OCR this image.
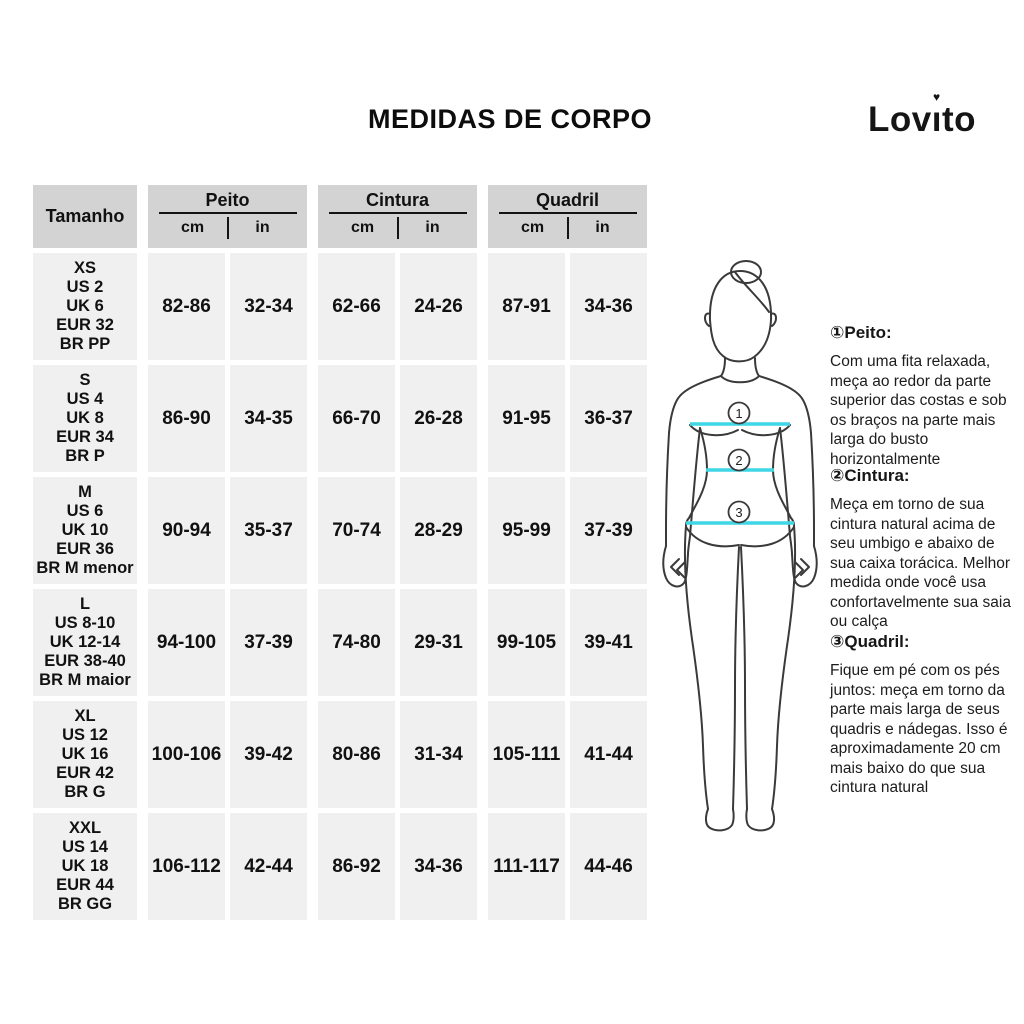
MEDIDAS DE CORPO	Lovı
♥
to
Tamanho
Peito
cm	in
Cintura
cm	in
Quadril
cm	in
XS
US 2
UK 6
EUR 32
BR PP
82-86	32-34	62-66	24-26	87-91	34-36
S
US 4
UK 8
EUR 34
BR P
86-90	34-35	66-70	26-28	91-95	36-37
M
US 6
UK 10
EUR 36
BR M menor
90-94	35-37	70-74	28-29	95-99	37-39
L
US 8-10
UK 12-14
EUR 38-40
BR M maior
94-100	37-39	74-80	29-31	99-105	39-41
XL
US 12
UK 16
EUR 42
BR G
100-106	39-42	80-86	31-34	105-111	41-44
XXL
US 14
UK 18
EUR 44
BR GG
106-112	42-44	86-92	34-36	111-117	44-46
1
2
3
①Peito:

Com uma fita relaxada, meça ao redor da parte superior das costas e sob os braços na parte mais larga do busto horizontalmente

②Cintura:

Meça em torno de sua cintura natural acima de seu umbigo e abaixo de sua caixa torácica. Melhor medida onde você usa confortavelmente sua saia ou calça

③Quadril:

Fique em pé com os pés juntos: meça em torno da parte mais larga de seus quadris e nádegas. Isso é aproximadamente 20 cm mais baixo do que sua cintura natural
